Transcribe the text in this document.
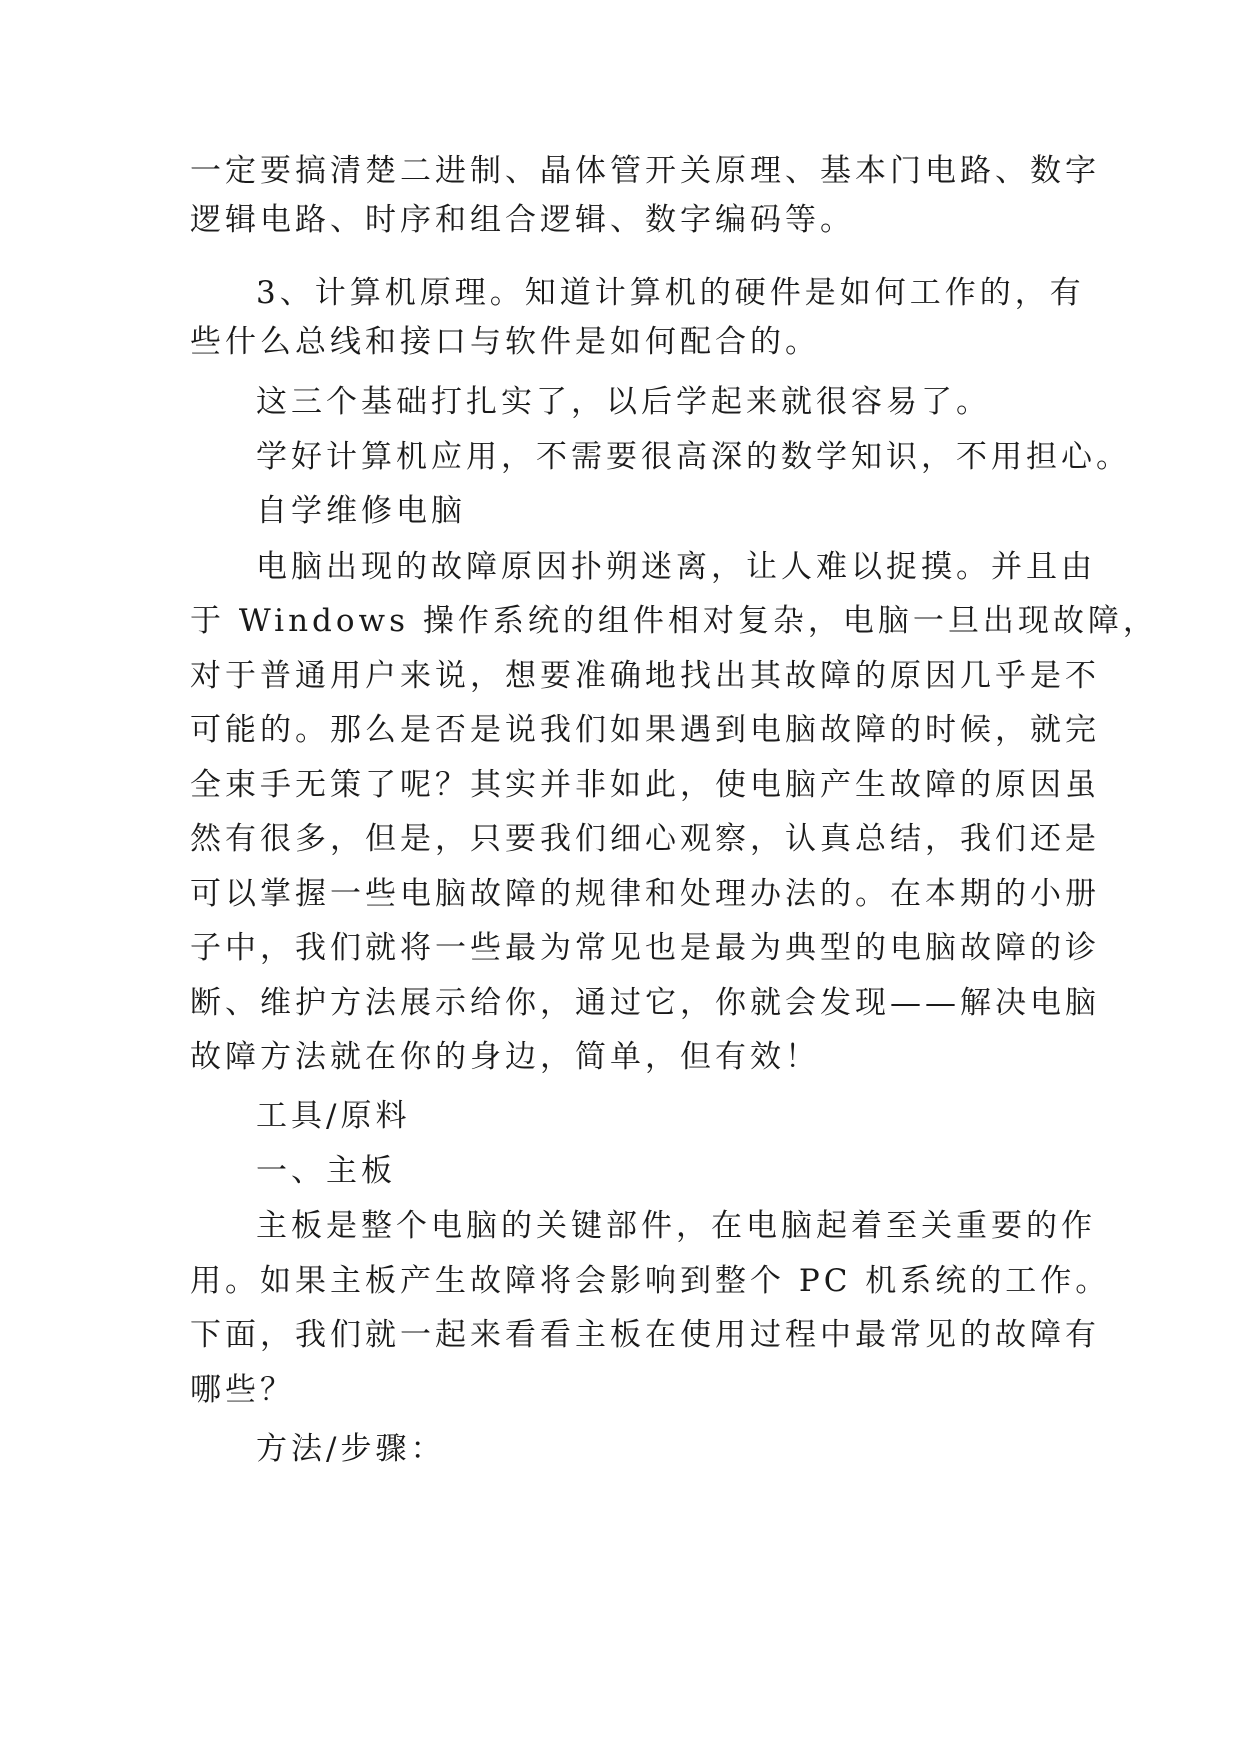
一定要搞清楚二进制、晶体管开关原理、基本门电路、数字
逻辑电路、时序和组合逻辑、数字编码等。
3、计算机原理。知道计算机的硬件是如何工作的，有
些什么总线和接口与软件是如何配合的。
这三个基础打扎实了，以后学起来就很容易了。
学好计算机应用，不需要很高深的数学知识，不用担心。
自学维修电脑
电脑出现的故障原因扑朔迷离，让人难以捉摸。并且由
于 Windows 操作系统的组件相对复杂，电脑一旦出现故障，
对于普通用户来说，想要准确地找出其故障的原因几乎是不
可能的。那么是否是说我们如果遇到电脑故障的时候，就完
全束手无策了呢？其实并非如此，使电脑产生故障的原因虽
然有很多，但是，只要我们细心观察，认真总结，我们还是
可以掌握一些电脑故障的规律和处理办法的。在本期的小册
子中，我们就将一些最为常见也是最为典型的电脑故障的诊
断、维护方法展示给你，通过它，你就会发现——解决电脑
故障方法就在你的身边，简单，但有效！
工具/原料
一、主板
主板是整个电脑的关键部件，在电脑起着至关重要的作
用。如果主板产生故障将会影响到整个 PC 机系统的工作。
下面，我们就一起来看看主板在使用过程中最常见的故障有
哪些？
方法/步骤：
